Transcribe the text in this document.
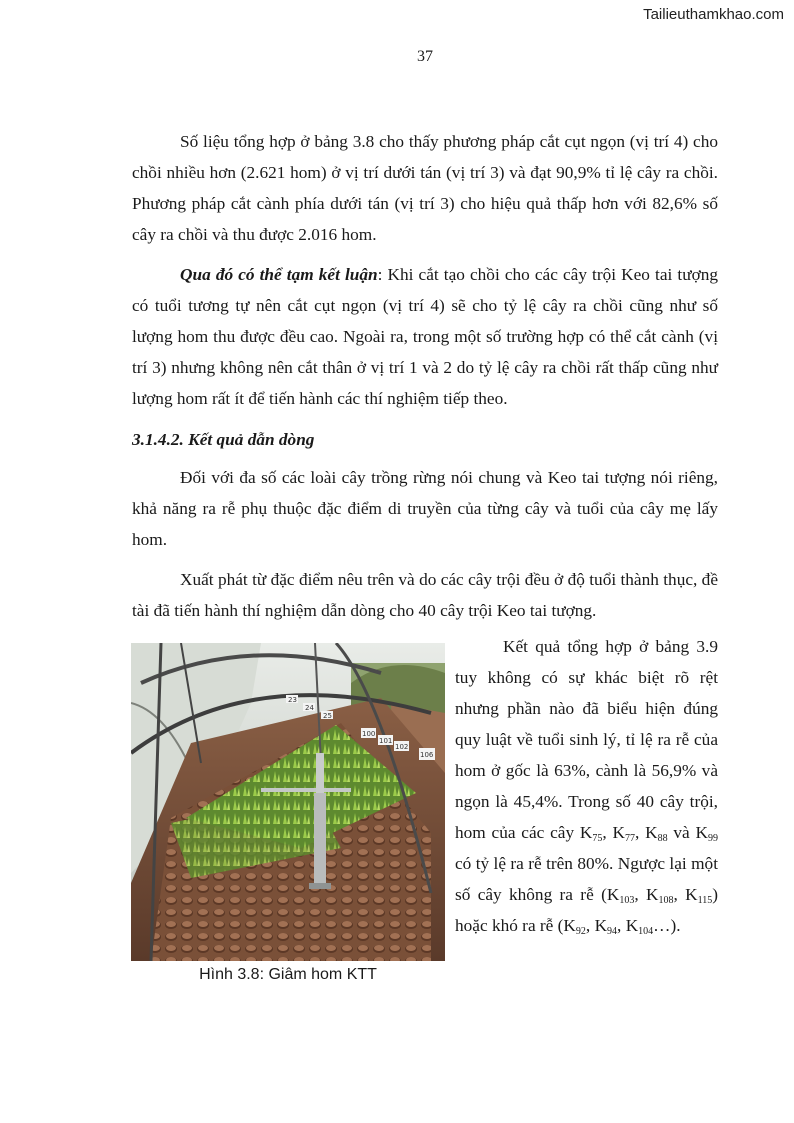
Tailieuthamkhao.com
37

Số liệu tổng hợp ở bảng 3.8 cho thấy phương pháp cắt cụt ngọn (vị trí 4) cho chồi nhiều hơn (2.621 hom) ở vị trí dưới tán (vị trí 3) và đạt 90,9% tỉ lệ cây ra chồi. Phương pháp cắt cành phía dưới tán (vị trí 3) cho hiệu quả thấp hơn với 82,6% số cây ra chồi và thu được 2.016 hom.

Qua đó có thể tạm kết luận: Khi cắt tạo chồi cho các cây trội Keo tai tượng có tuổi tương tự nên cắt cụt ngọn (vị trí 4) sẽ cho tỷ lệ cây ra chồi cũng như số lượng hom thu được đều cao. Ngoài ra, trong một số trường hợp có thể cắt cành (vị trí 3) nhưng không nên cắt thân ở vị trí 1 và 2 do tỷ lệ cây ra chồi rất thấp cũng như lượng hom rất ít để tiến hành các thí nghiệm tiếp theo.

3.1.4.2. Kết quả dẫn dòng

Đối với đa số các loài cây trồng rừng nói chung và Keo tai tượng nói riêng, khả năng ra rễ phụ thuộc đặc điểm di truyền của từng cây và tuổi của cây mẹ lấy hom.

Xuất phát từ đặc điểm nêu trên và do các cây trội đều ở độ tuổi thành thục, đề tài đã tiến hành thí nghiệm dẫn dòng cho 40 cây trội Keo tai tượng.

23
24
25
100
101
102
106
Hình 3.8: Giâm hom KTT

Kết quả tổng hợp ở bảng 3.9 tuy không có sự khác biệt rõ rệt nhưng phần nào đã biểu hiện đúng quy luật về tuổi sinh lý, tỉ lệ ra rễ của hom ở gốc là 63%, cành là 56,9% và ngọn là 45,4%. Trong số 40 cây trội, hom của các cây $K_{75}$, $K_{77}$, $K_{88}$ và $K_{99}$ có tỷ lệ ra rễ trên 80%. Ngược lại một số cây không ra rễ ($K_{103}$, $K_{108}$, $K_{115}$) hoặc khó ra rễ ($K_{92}$, $K_{94}$, $K_{104}\dots$).
